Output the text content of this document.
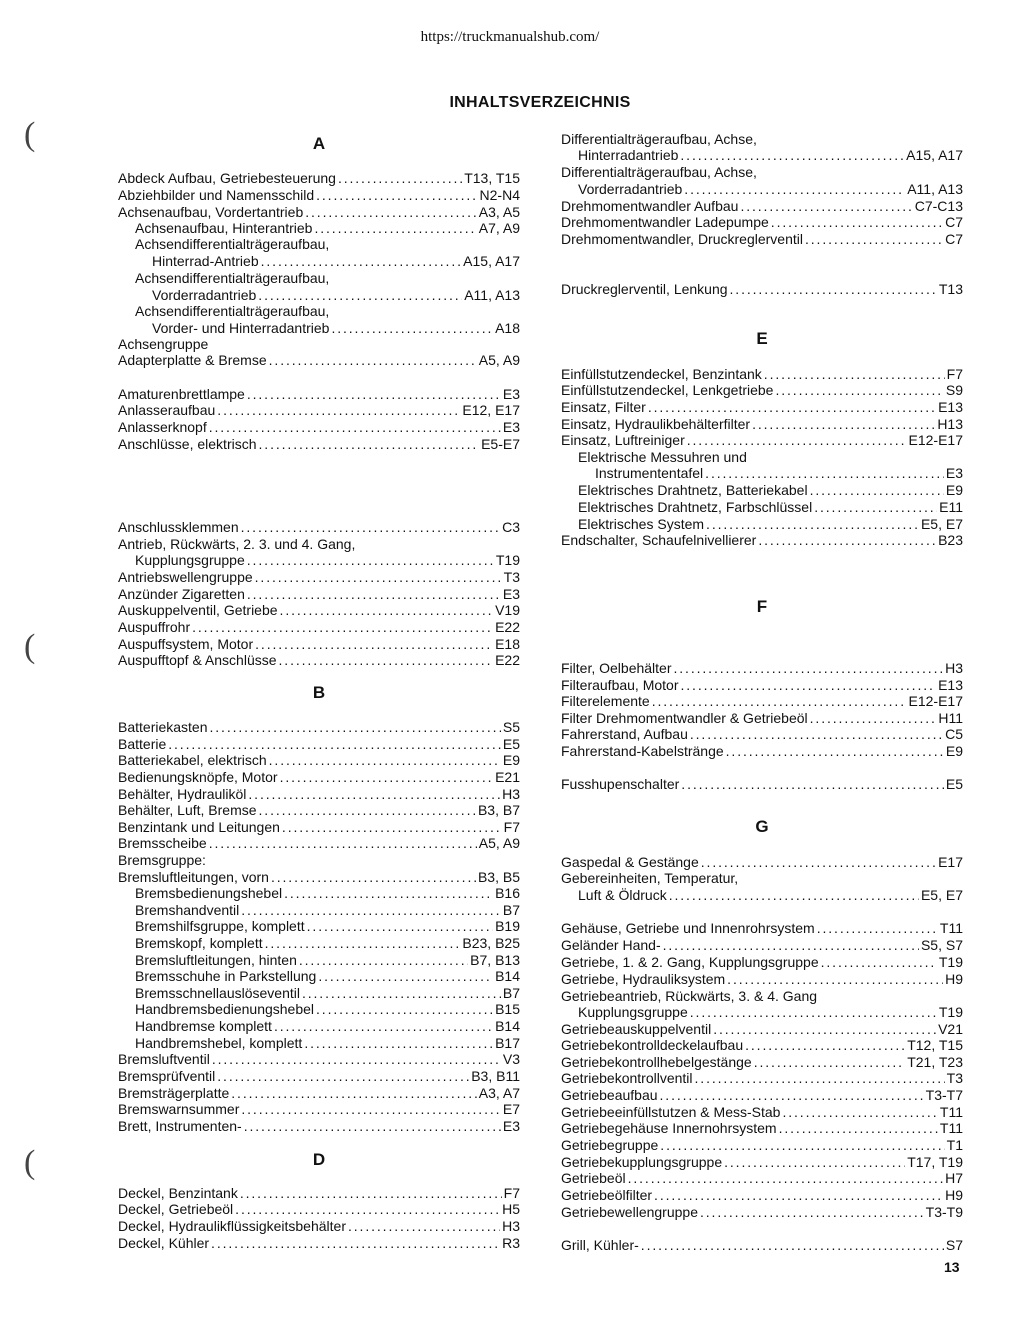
https://truckmanualshub.com/
INHALTSVERZEICHNIS
A
Abdeck Aufbau, Getriebesteuerung . . .	T13, T15
Abziehbilder und Namensschild . . .	N2-N4
Achsenaufbau, Vordertantrieb . . .	A3, A5
Achsenaufbau, Hinterantrieb . . .	A7, A9
Achsendifferentialträgeraufbau,
Hinterrad-Antrieb . . .	A15, A17
Achsendifferentialträgeraufbau,
Vorderradantrieb . . .	A11, A13
Achsendifferentialträgeraufbau,
Vorder- und Hinterradantrieb . . .	A18
Achsengruppe
Adapterplatte & Bremse . . .	A5, A9
Amaturenbrettlampe . . .	E3
Anlasseraufbau . . .	E12, E17
Anlasserknopf . . .	E3
Anschlüsse, elektrisch . . .	E5-E7
Anschlussklemmen . . .	C3
Antrieb, Rückwärts, 2. 3. und 4. Gang,
Kupplungsgruppe . . .	T19
Antriebswellengruppe . . .	T3
Anzünder Zigaretten . . .	E3
Auskuppelventil, Getriebe . . .	V19
Auspuffrohr . . .	E22
Auspuffsystem, Motor . . .	E18
Auspufftopf & Anschlüsse . . .	E22
B
Batteriekasten . . .	S5
Batterie . . .	E5
Batteriekabel, elektrisch . . .	E9
Bedienungsknöpfe, Motor . . .	E21
Behälter, Hydrauliköl . . .	H3
Behälter, Luft, Bremse . . .	B3, B7
Benzintank und Leitungen . . .	F7
Bremsscheibe . . .	A5, A9
Bremsgruppe:
Bremsluftleitungen, vorn . . .	B3, B5
Bremsbedienungshebel . . .	B16
Bremshandventil . . .	B7
Bremshilfsgruppe, komplett . . .	B19
Bremskopf, komplett . . .	B23, B25
Bremsluftleitungen, hinten . . .	B7, B13
Bremsschuhe in Parkstellung . . .	B14
Bremsschnellauslöseventil . . .	B7
Handbremsbedienungshebel . . .	B15
Handbremse komplett . . .	B14
Handbremshebel, komplett . . .	B17
Bremsluftventil . . .	V3
Bremsprüfventil . . .	B3, B11
Bremsträgerplatte . . .	A3, A7
Bremswarnsummer . . .	E7
Brett, Instrumenten- . . .	E3
D
Deckel, Benzintank . . .	F7
Deckel, Getriebeöl . . .	H5
Deckel, Hydraulikflüssigkeitsbehälter . . .	H3
Deckel, Kühler . . .	R3
Differentialträgeraufbau, Achse,
Hinterradantrieb . . .	A15, A17
Differentialträgeraufbau, Achse,
Vorderradantrieb . . .	A11, A13
Drehmomentwandler Aufbau . . .	C7-C13
Drehmomentwandler Ladepumpe . . .	C7
Drehmomentwandler, Druckreglerventil . . .	C7
Druckreglerventil, Lenkung . . .	T13
E
Einfüllstutzendeckel, Benzintank . . .	F7
Einfüllstutzendeckel, Lenkgetriebe . . .	S9
Einsatz, Filter . . .	E13
Einsatz, Hydraulikbehälterfilter . . .	H13
Einsatz, Luftreiniger . . .	E12-E17
Elektrische Messuhren und
Instrumententafel . . .	E3
Elektrisches Drahtnetz, Batteriekabel . . .	E9
Elektrisches Drahtnetz, Farbschlüssel . . .	E11
Elektrisches System . . .	E5, E7
Endschalter, Schaufelnivellierer . . .	B23
F
Filter, Oelbehälter . . .	H3
Filteraufbau, Motor . . .	E13
Filterelemente . . .	E12-E17
Filter Drehmomentwandler & Getriebeöl . . .	H11
Fahrerstand, Aufbau . . .	C5
Fahrerstand-Kabelstränge . . .	E9
Fusshupenschalter . . .	E5
G
Gaspedal & Gestänge . . .	E17
Gebereinheiten, Temperatur,
Luft & Öldruck . . .	E5, E7
Gehäuse, Getriebe und Innenrohrsystem . . .	T11
Geländer Hand- . . .	S5, S7
Getriebe, 1. & 2. Gang, Kupplungsgruppe . . .	T19
Getriebe, Hydrauliksystem . . .	H9
Getriebeantrieb, Rückwärts, 3. & 4. Gang
Kupplungsgruppe . . .	T19
Getriebeauskuppelventil . . .	V21
Getriebekontrolldeckelaufbau . . .	T12, T15
Getriebekontrollhebelgestänge . . .	T21, T23
Getriebekontrollventil . . .	T3
Getriebeaufbau . . .	T3-T7
Getriebeeinfüllstutzen & Mess-Stab . . .	T11
Getriebegehäuse Innernohrsystem . . .	T11
Getriebegruppe . . .	T1
Getriebekupplungsgruppe . . .	T17, T19
Getriebeöl . . .	H7
Getriebeölfilter . . .	H9
Getriebewellengruppe . . .	T3-T9
Grill, Kühler- . . .	S7
(
(
(
13
